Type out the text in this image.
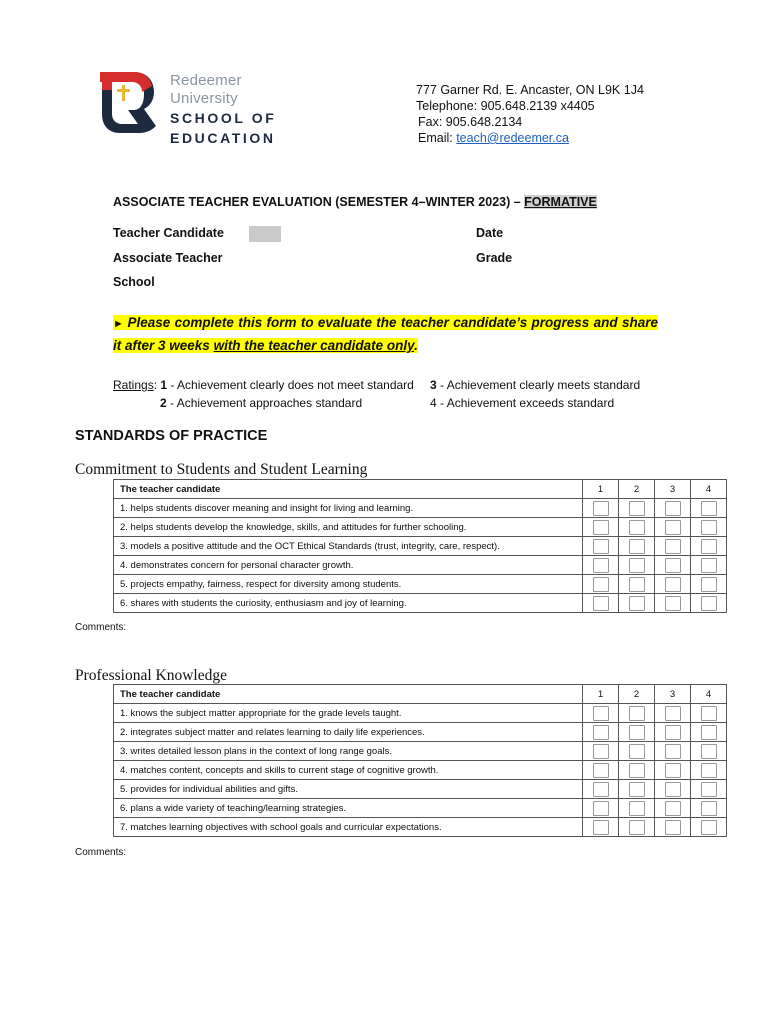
Redeemer University
SCHOOL OF
EDUCATION
777 Garner Rd. E. Ancaster, ON L9K 1J4
Telephone: 905.648.2139 x4405
Fax: 905.648.2134
Email: teach@redeemer.ca
ASSOCIATE TEACHER EVALUATION (SEMESTER 4–WINTER 2023) – FORMATIVE
Teacher Candidate	Date
Associate Teacher	Grade
School
► Please complete this form to evaluate the teacher candidate’s progress and share it after 3 weeks with the teacher candidate only.
Ratings: 1 - Achievement clearly does not meet standard
2 - Achievement approaches standard
3 - Achievement clearly meets standard
4 - Achievement exceeds standard
STANDARDS OF PRACTICE
Commitment to Students and Student Learning
The teacher candidate	1	2	3	4
1. helps students discover meaning and insight for living and learning.				
2. helps students develop the knowledge, skills, and attitudes for further schooling.				
3. models a positive attitude and the OCT Ethical Standards (trust, integrity, care, respect).				
4. demonstrates concern for personal character growth.				
5. projects empathy, fairness, respect for diversity among students.				
6. shares with students the curiosity, enthusiasm and joy of learning.				
Comments:
Professional Knowledge
The teacher candidate	1	2	3	4
1. knows the subject matter appropriate for the grade levels taught.				
2. integrates subject matter and relates learning to daily life experiences.				
3. writes detailed lesson plans in the context of long range goals.				
4. matches content, concepts and skills to current stage of cognitive growth.				
5. provides for individual abilities and gifts.				
6. plans a wide variety of teaching/learning strategies.				
7. matches learning objectives with school goals and curricular expectations.				
Comments:
